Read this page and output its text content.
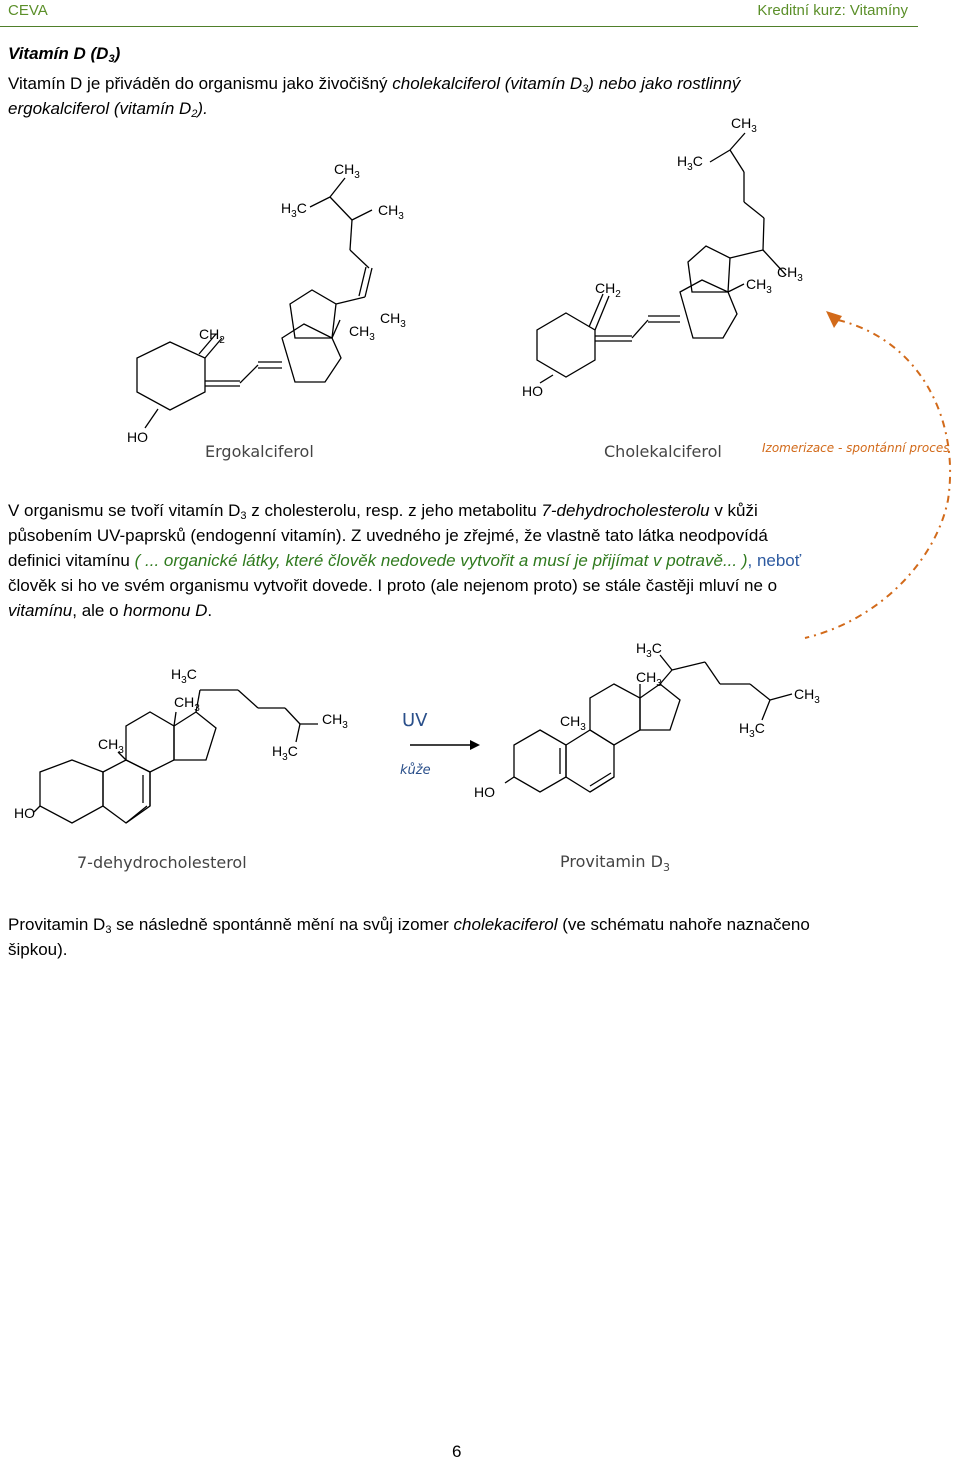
CEVA	Kreditní kurz: Vitamíny
Vitamín D $(D_3)$
Vitamín D je přiváděn do organismu jako živočišný cholekalciferol (vitamín $D_3$) nebo jako rostlinný
ergokalciferol (vitamín $D_2$).
$CH_2$
HO
$CH_3$
$CH_3$
$CH_3$
$H_3C$	$CH_3$
$CH_2$
HO
$CH_3$
$CH_3$
$H_3C$
$CH_3$
Ergokalciferol	Cholekalciferol	Izomerizace - spontánní proces
V organismu se tvoří vitamín $D_3$ z cholesterolu, resp. z jeho metabolitu 7-dehydrocholesterolu v kůži
působením UV-paprsků (endogenní vitamín). Z uvedného je zřejmé, že vlastně tato látka neodpovídá
definici vitamínu ( ... organické látky, které člověk nedovede vytvořit a musí je přijímat v potravě... ), neboť
člověk si ho ve svém organismu vytvořit dovede. I proto (ale nejenom proto) se stále častěji mluví ne o
vitamínu, ale o hormonu D.
HO
$CH_3$
$CH_3$
$H_3C$
$CH_3$
$H_3C$
UV
kůže
HO
$CH_3$
$CH_3$
$H_3C$
$CH_3$
$H_3C$
7-dehydrocholesterol	Provitamin $D_3$
Provitamin $D_3$ se následně spontánně mění na svůj izomer cholekaciferol (ve schématu nahoře naznačeno
šipkou).
6
